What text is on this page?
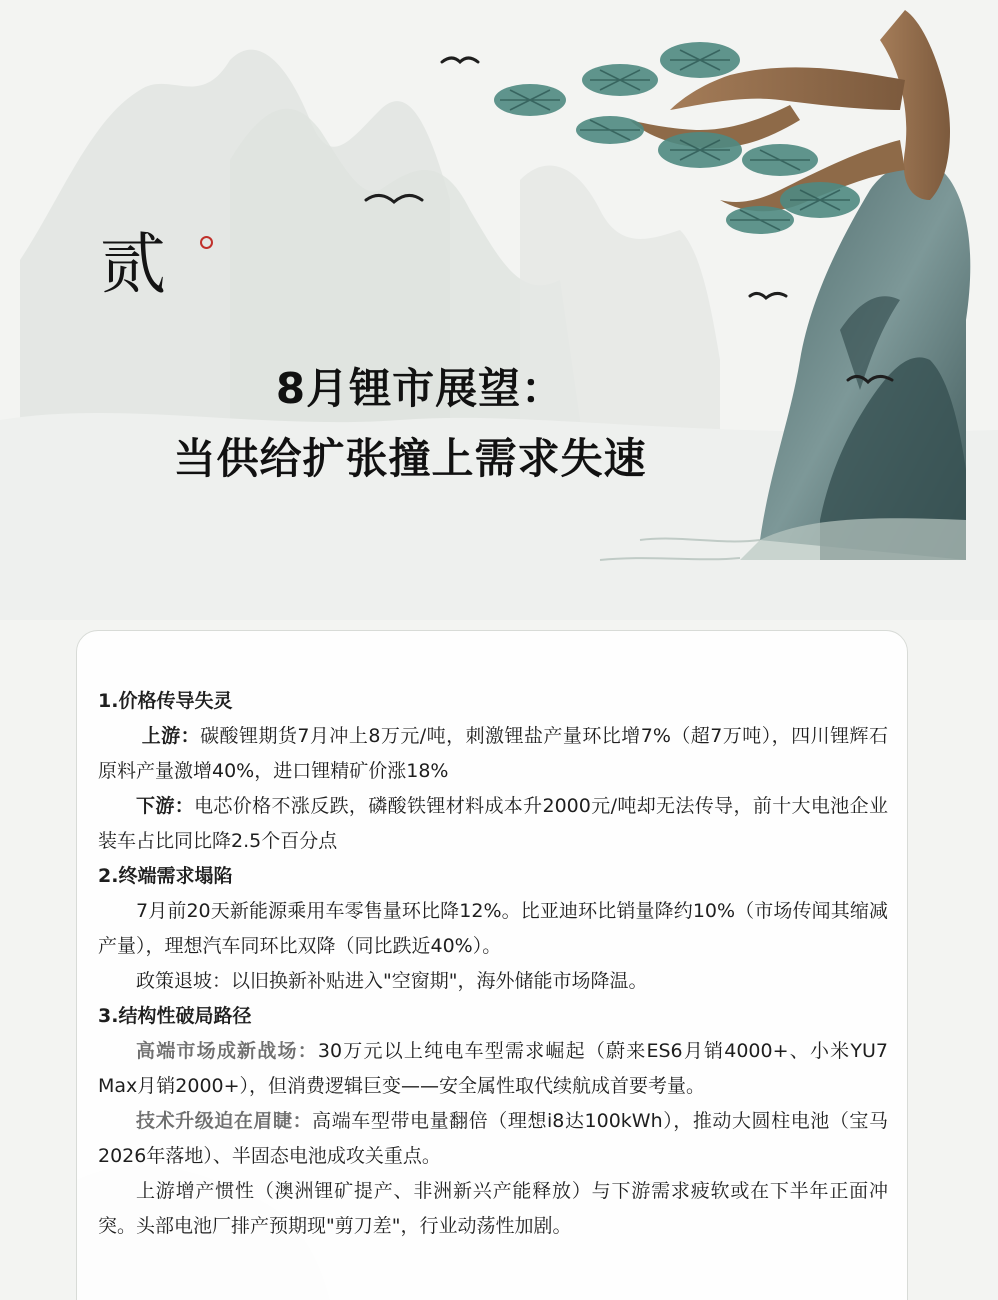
贰
8月锂市展望：
当供给扩张撞上需求失速

1.价格传导失灵

上游：碳酸锂期货7月冲上8万元/吨，刺激锂盐产量环比增7%（超7万吨），四川锂辉石原料产量激增40%，进口锂精矿价涨18%

下游：电芯价格不涨反跌，磷酸铁锂材料成本升2000元/吨却无法传导，前十大电池企业装车占比同比降2.5个百分点

2.终端需求塌陷

7月前20天新能源乘用车零售量环比降12%。比亚迪环比销量降约10%（市场传闻其缩减产量），理想汽车同环比双降（同比跌近40%）。

政策退坡：以旧换新补贴进入"空窗期"，海外储能市场降温。

3.结构性破局路径

高端市场成新战场：30万元以上纯电车型需求崛起（蔚来ES6月销4000+、小米YU7 Max月销2000+），但消费逻辑巨变——安全属性取代续航成首要考量。

技术升级迫在眉睫：高端车型带电量翻倍（理想i8达100kWh），推动大圆柱电池（宝马2026年落地）、半固态电池成攻关重点。

上游增产惯性（澳洲锂矿提产、非洲新兴产能释放）与下游需求疲软或在下半年正面冲突。头部电池厂排产预期现"剪刀差"，行业动荡性加剧。
